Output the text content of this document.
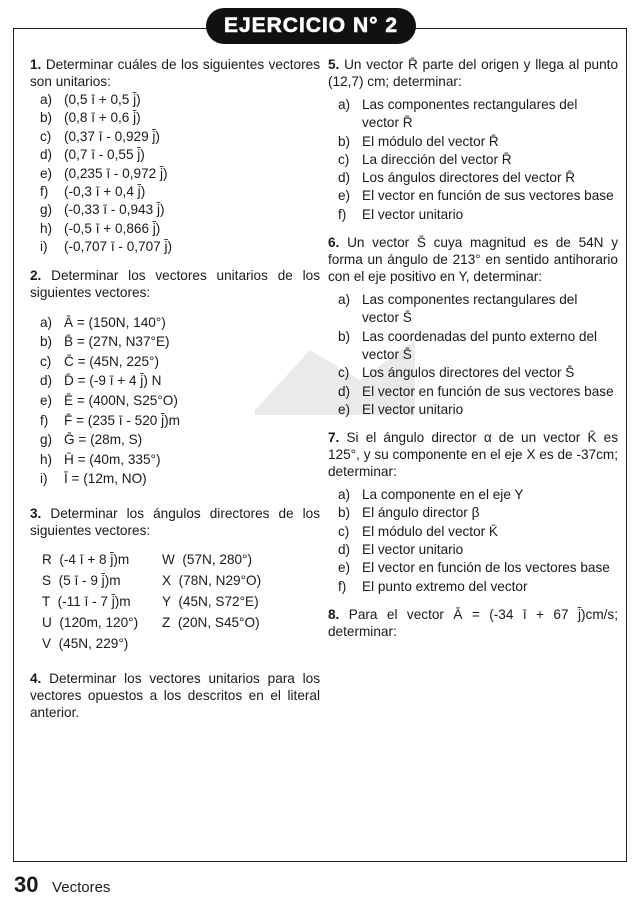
EJERCICIO N° 2

1. Determinar cuáles de los siguientes vectores son unitarios:

a) (0,5 ī + 0,5 j̄)
b) (0,8 ī + 0,6 j̄)
c) (0,37 ī - 0,929 j̄)
d) (0,7 ī - 0,55 j̄)
e) (0,235 ī - 0,972 j̄)
f)	(-0,3 ī + 0,4 j̄)
g) (-0,33 ī - 0,943 j̄)
h) (-0,5 ī + 0,866 j̄)
i)	(-0,707 ī - 0,707 j̄)

2. Determinar los vectores unitarios de los siguientes vectores:

a) Ā = (150N, 140°)
b) B̄ = (27N, N37°E)
c) C̄ = (45N, 225°)
d) D̄ = (-9 ī + 4 j̄) N
e) Ē = (400N, S25°O)
f)	F̄ = (235 ī - 520 j̄)m
g) Ḡ = (28m, S)
h) H̄ = (40m, 335°)
i)	Ī = (12m, NO)

3. Determinar los ángulos directores de los siguientes vectores:

R  (-4 ī + 8 j̄)m	W  (57N, 280°)
S  (5 ī - 9 j̄)m	X  (78N, N29°O)
T  (-11 ī - 7 j̄)m	Y  (45N, S72°E)
U  (120m, 120°)	Z  (20N, S45°O)
V  (45N, 229°)

4. Determinar los vectores unitarios para los vectores opuestos a los descritos en el literal anterior.

5. Un vector R̄ parte del origen y llega al punto (12,7) cm; determinar:

a) Las componentes rectangulares del vector R̄
b) El módulo del vector R̄
c) La dirección del vector R̄
d) Los ángulos directores del vector R̄
e) El vector en función de sus vectores base
f)	El vector unitario

6. Un vector S̄ cuya magnitud es de 54N y forma un ángulo de 213° en sentido antihorario con el eje positivo en Y, determinar:

a) Las componentes rectangulares del vector S̄
b) Las coordenadas del punto externo del vector S̄
c) Los ángulos directores del vector S̄
d) El vector en función de sus vectores base
e) El vector unitario

7. Si el ángulo director α de un vector K̄ es 125°, y su componente en el eje X es de -37cm; determinar:

a) La componente en el eje Y
b) El ángulo director β
c) El módulo del vector K̄
d) El vector unitario
e) El vector en función de los vectores base
f)	El punto extremo del vector

8. Para el vector Ā = (-34 ī + 67 j̄)cm/s; determinar:

30 Vectores
